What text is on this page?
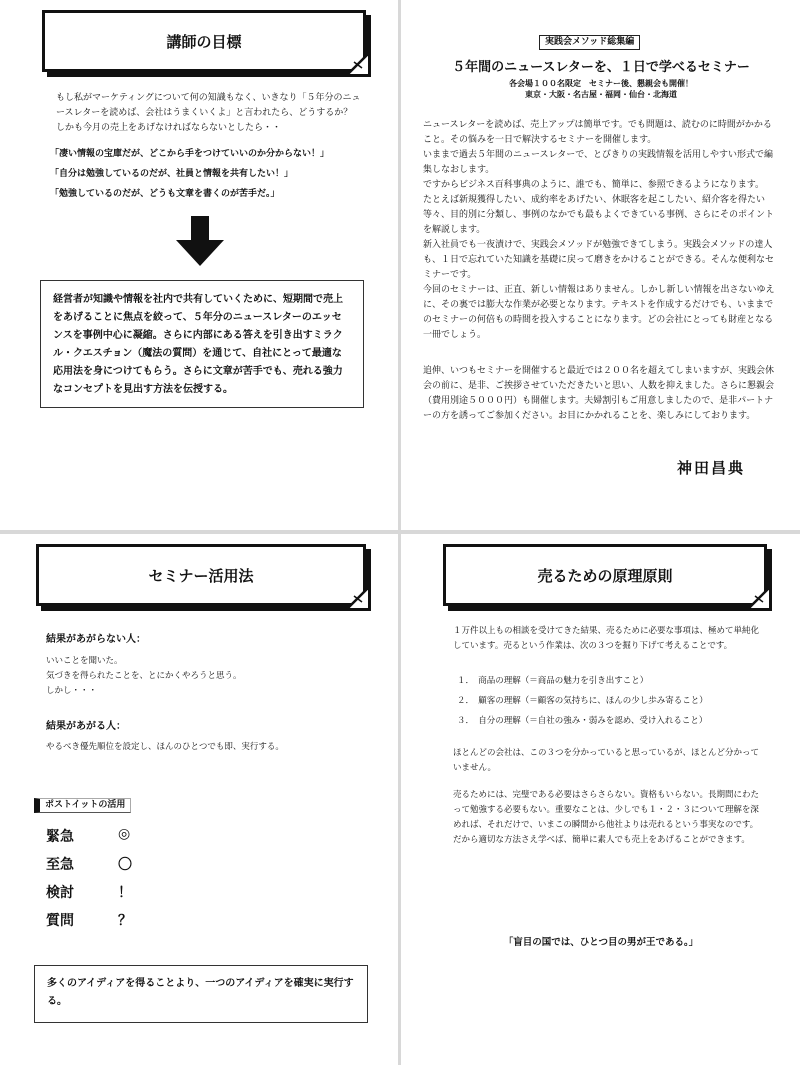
講師の目標
もし私がマーケティングについて何の知識もなく、いきなり「５年分のニュースレターを読めば、会社はうまくいくよ」と言われたら、どうするか？　しかも今月の売上をあげなければならないとしたら・・
「凄い情報の宝庫だが、どこから手をつけていいのか分からない！」
「自分は勉強しているのだが、社員と情報を共有したい！」
「勉強しているのだが、どうも文章を書くのが苦手だ。」
経営者が知識や情報を社内で共有していくために、短期間で売上をあげることに焦点を絞って、５年分のニュースレターのエッセンスを事例中心に凝縮。さらに内部にある答えを引き出すミラクル・クエスチョン（魔法の質問）を通じて、自社にとって最適な応用法を身につけてもらう。さらに文章が苦手でも、売れる強力なコンセプトを見出す方法を伝授する。
実践会メソッド総集編
５年間のニュースレターを、１日で学べるセミナー
各会場１００名限定　セミナー後、懇親会も開催！
東京・大阪・名古屋・福岡・仙台・北海道
ニュースレターを読めば、売上アップは簡単です。でも問題は、読むのに時間がかかること。その悩みを一日で解決するセミナーを開催します。
いままで過去５年間のニュースレターで、とびきりの実践情報を活用しやすい形式で編集しなおします。
ですからビジネス百科事典のように、誰でも、簡単に、参照できるようになります。
たとえば新規獲得したい、成約率をあげたい、休眠客を起こしたい、紹介客を得たい等々、目的別に分類し、事例のなかでも最もよくできている事例、さらにそのポイントを解説します。
新入社員でも一夜漬けで、実践会メソッドが勉強できてしまう。実践会メソッドの達人も、１日で忘れていた知識を基礎に戻って磨きをかけることができる。そんな便利なセミナーです。
今回のセミナーは、正直、新しい情報はありません。しかし新しい情報を出さないゆえに、その裏では膨大な作業が必要となります。テキストを作成するだけでも、いままでのセミナーの何倍もの時間を投入することになります。どの会社にとっても財産となる一冊でしょう。
追伸、いつもセミナーを開催すると最近では２００名を超えてしまいますが、実践会休会の前に、是非、ご挨拶させていただきたいと思い、人数を抑えました。さらに懇親会（費用別途５０００円）も開催します。夫婦割引もご用意しましたので、是非パートナーの方を誘ってご参加ください。お目にかかれることを、楽しみにしております。
神田昌典
セミナー活用法
結果があがらない人：
いいことを聞いた。
気づきを得られたことを、とにかくやろうと思う。
しかし・・・
結果があがる人：
やるべき優先順位を設定し、ほんのひとつでも即、実行する。
ポストイットの活用
緊急	◎
至急	〇
検討	！
質問	？
多くのアイディアを得ることより、一つのアイディアを確実に実行する。
売るための原理原則
１万件以上もの相談を受けてきた結果、売るために必要な事項は、極めて単純化しています。売るという作業は、次の３つを掘り下げて考えることです。
１．　商品の理解（＝商品の魅力を引き出すこと）
２．　顧客の理解（＝顧客の気持ちに、ほんの少し歩み寄ること）
３．　自分の理解（＝自社の強み・弱みを認め、受け入れること）
ほとんどの会社は、この３つを分かっていると思っているが、ほとんど分かっていません。
売るためには、完璧である必要はさらさらない。資格もいらない。長期間にわたって勉強する必要もない。重要なことは、少しでも１・２・３について理解を深めれば、それだけで、いまこの瞬間から他社よりは売れるという事実なのです。だから適切な方法さえ学べば、簡単に素人でも売上をあげることができます。
「盲目の国では、ひとつ目の男が王である。」
